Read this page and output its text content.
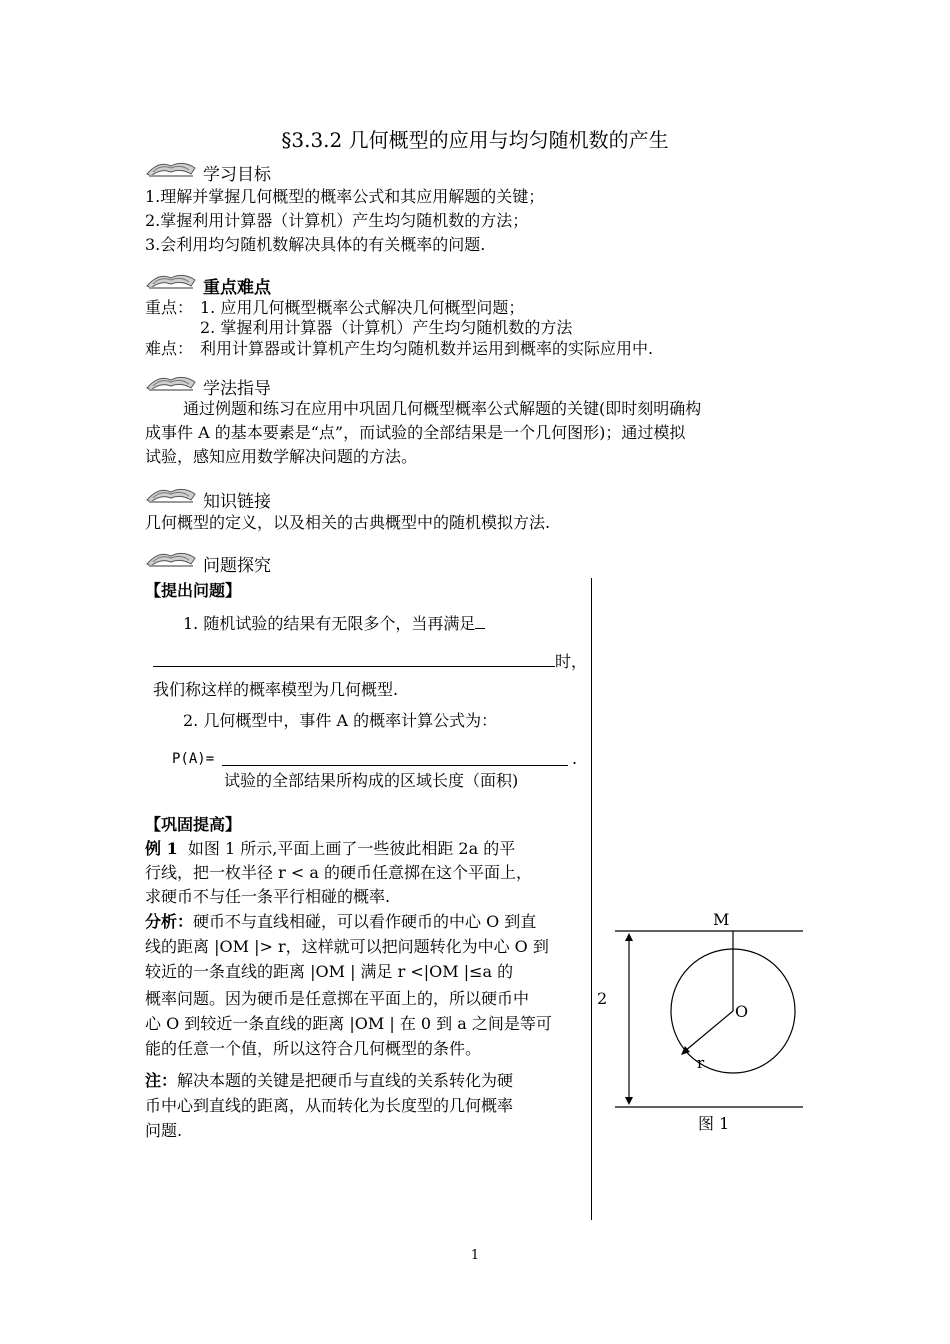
§3.3.2 几何概型的应用与均匀随机数的产生
学习目标
1.理解并掌握几何概型的概率公式和其应用解题的关键；
2.掌握利用计算器（计算机）产生均匀随机数的方法；
3.会利用均匀随机数解决具体的有关概率的问题.
重点难点
重点： 1. 应用几何概型概率公式解决几何概型问题；
2. 掌握利用计算器（计算机）产生均匀随机数的方法
难点： 利用计算器或计算机产生均匀随机数并运用到概率的实际应用中.
学法指导
通过例题和练习在应用中巩固几何概型概率公式解题的关键(即时刻明确构
成事件 A 的基本要素是“点”，而试验的全部结果是一个几何图形)；通过模拟
试验，感知应用数学解决问题的方法。
知识链接
几何概型的定义，以及相关的古典概型中的随机模拟方法.
问题探究
【提出问题】
1. 随机试验的结果有无限多个，当再满足
时，
我们称这样的概率模型为几何概型.
2. 几何概型中，事件 A 的概率计算公式为：
P(A)=	.
试验的全部结果所构成的区域长度（面积)
【巩固提高】
例 1 如图 1 所示,平面上画了一些彼此相距 2a 的平
行线，把一枚半径 r < a 的硬币任意掷在这个平面上，
求硬币不与任一条平行相碰的概率.
分析：硬币不与直线相碰，可以看作硬币的中心 O 到直
线的距离 |OM |> r，这样就可以把问题转化为中心 O 到
较近的一条直线的距离 |OM | 满足 r <|OM |≤a 的
概率问题。因为硬币是任意掷在平面上的，所以硬币中
心 O 到较近一条直线的距离 |OM | 在 0 到 a 之间是等可
能的任意一个值，所以这符合几何概型的条件。
注：解决本题的关键是把硬币与直线的关系转化为硬
币中心到直线的距离，从而转化为长度型的几何概率
问题.
M
O
r
2
图 1
1
